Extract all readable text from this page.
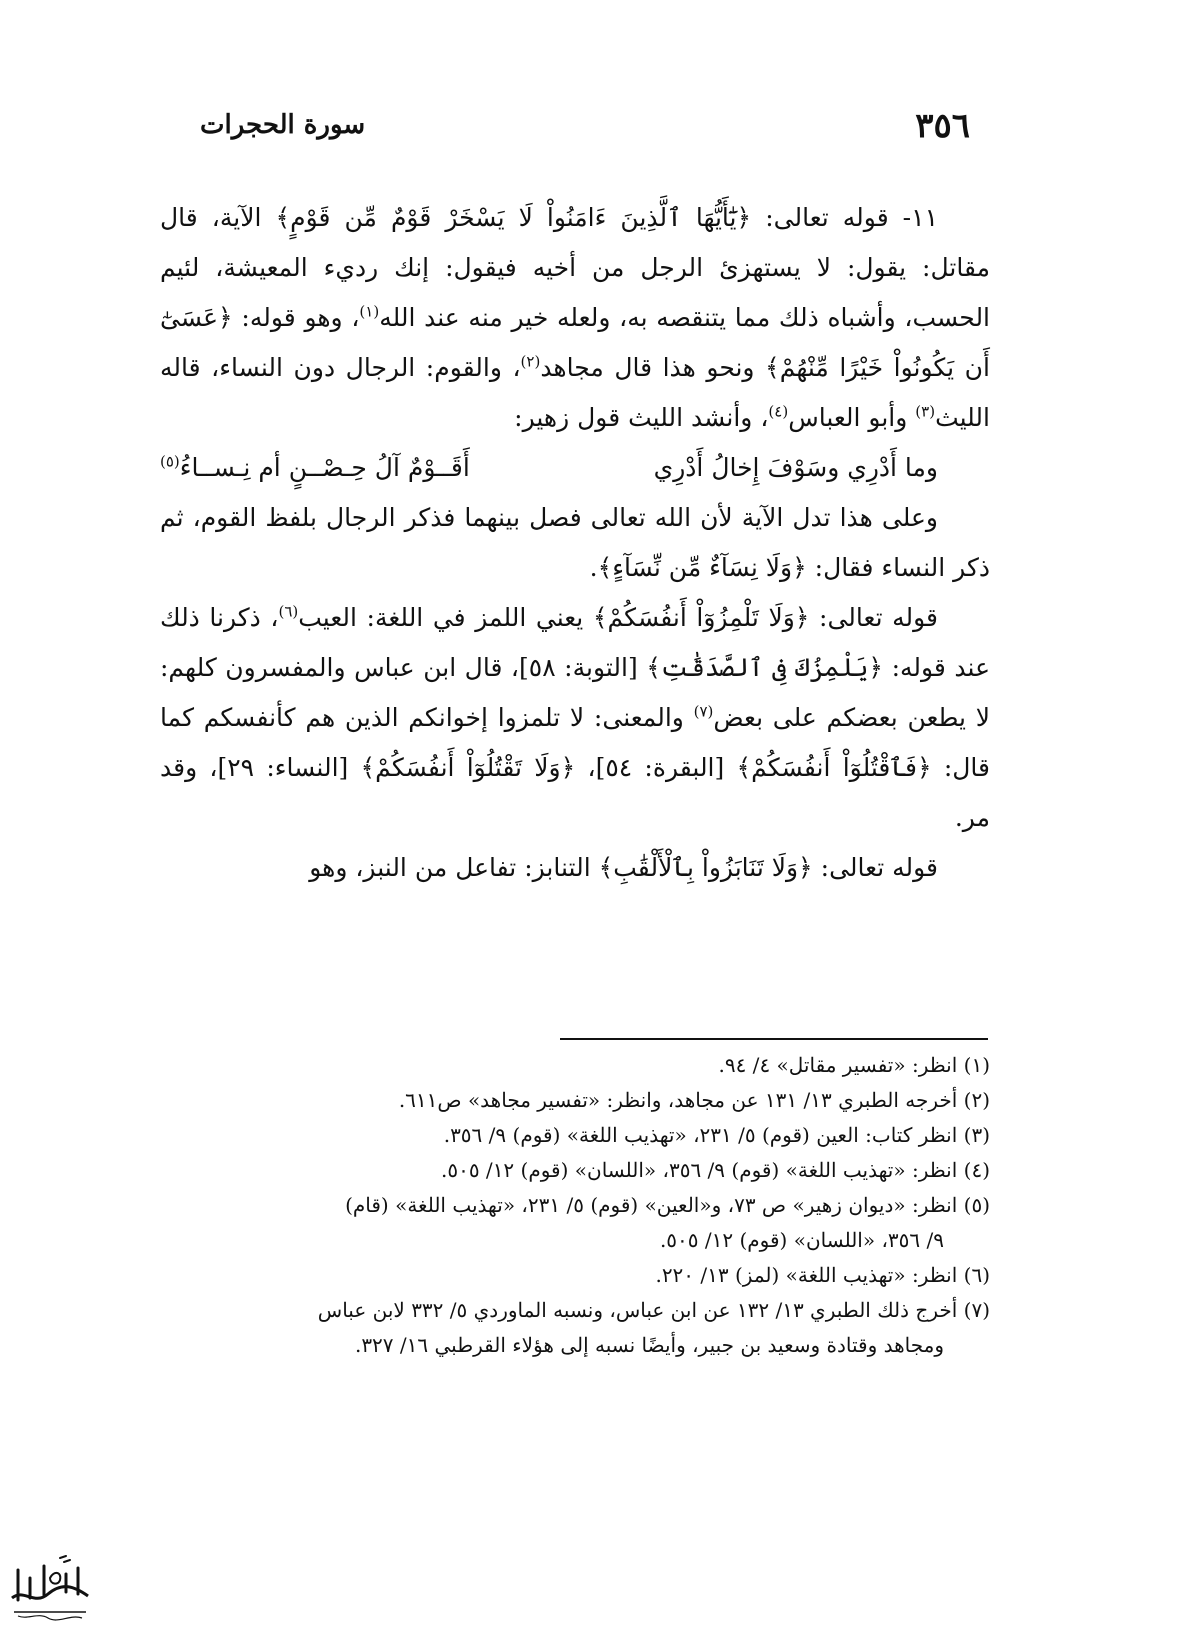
٣٥٦
سورة الحجرات

١١- قوله تعالى: ﴿يَٰٓأَيُّهَا ٱلَّذِينَ ءَامَنُواْ لَا يَسْخَرْ قَوْمٌ مِّن قَوْمٍ﴾ الآية، قال مقاتل: يقول: لا يستهزئ الرجل من أخيه فيقول: إنك رديء المعيشة، لئيم الحسب، وأشباه ذلك مما يتنقصه به، ولعله خير منه عند الله$^{(١)}$، وهو قوله: ﴿عَسَىٰٓ أَن يَكُونُواْ خَيْرًا مِّنْهُمْ﴾ ونحو هذا قال مجاهد$^{(٢)}$، والقوم: الرجال دون النساء، قاله الليث$^{(٣)}$ وأبو العباس$^{(٤)}$، وأنشد الليث قول زهير:

وما أَدْرِي وسَوْفَ إِخالُ أَدْرِي
أَقَــوْمٌ آلُ حِـصْــنٍ أم نِـســاءُ$^{(٥)}$

وعلى هذا تدل الآية لأن الله تعالى فصل بينهما فذكر الرجال بلفظ القوم، ثم ذكر النساء فقال: ﴿وَلَا نِسَآءٌ مِّن نِّسَآءٍ﴾.

قوله تعالى: ﴿وَلَا تَلْمِزُوٓاْ أَنفُسَكُمْ﴾ يعني اللمز في اللغة: العيب$^{(٦)}$، ذكرنا ذلك عند قوله: ﴿يَلْمِزُكَ فِى ٱلصَّدَقَٰتِ﴾ [التوبة: ٥٨]، قال ابن عباس والمفسرون كلهم: لا يطعن بعضكم على بعض$^{(٧)}$ والمعنى: لا تلمزوا إخوانكم الذين هم كأنفسكم كما قال: ﴿فَٱقْتُلُوٓاْ أَنفُسَكُمْ﴾ [البقرة: ٥٤]، ﴿وَلَا تَقْتُلُوٓاْ أَنفُسَكُمْ﴾ [النساء: ٢٩]، وقد مر.

قوله تعالى: ﴿وَلَا تَنَابَزُواْ بِٱلْأَلْقَٰبِ﴾ التنابز: تفاعل من النبز، وهو

(١) انظر: «تفسير مقاتل» ٤/ ٩٤.

(٢) أخرجه الطبري ١٣/ ١٣١ عن مجاهد، وانظر: «تفسير مجاهد» ص٦١١.

(٣) انظر كتاب: العين (قوم) ٥/ ٢٣١، «تهذيب اللغة» (قوم) ٩/ ٣٥٦.

(٤) انظر: «تهذيب اللغة» (قوم) ٩/ ٣٥٦، «اللسان» (قوم) ١٢/ ٥٠٥.

(٥) انظر: «ديوان زهير» ص ٧٣، و«العين» (قوم) ٥/ ٢٣١، «تهذيب اللغة» (قام)
٩/ ٣٥٦، «اللسان» (قوم) ١٢/ ٥٠٥.

(٦) انظر: «تهذيب اللغة» (لمز) ١٣/ ٢٢٠.

(٧) أخرج ذلك الطبري ١٣/ ١٣٢ عن ابن عباس، ونسبه الماوردي ٥/ ٣٣٢ لابن عباس
ومجاهد وقتادة وسعيد بن جبير، وأيضًا نسبه إلى هؤلاء القرطبي ١٦/ ٣٢٧.
